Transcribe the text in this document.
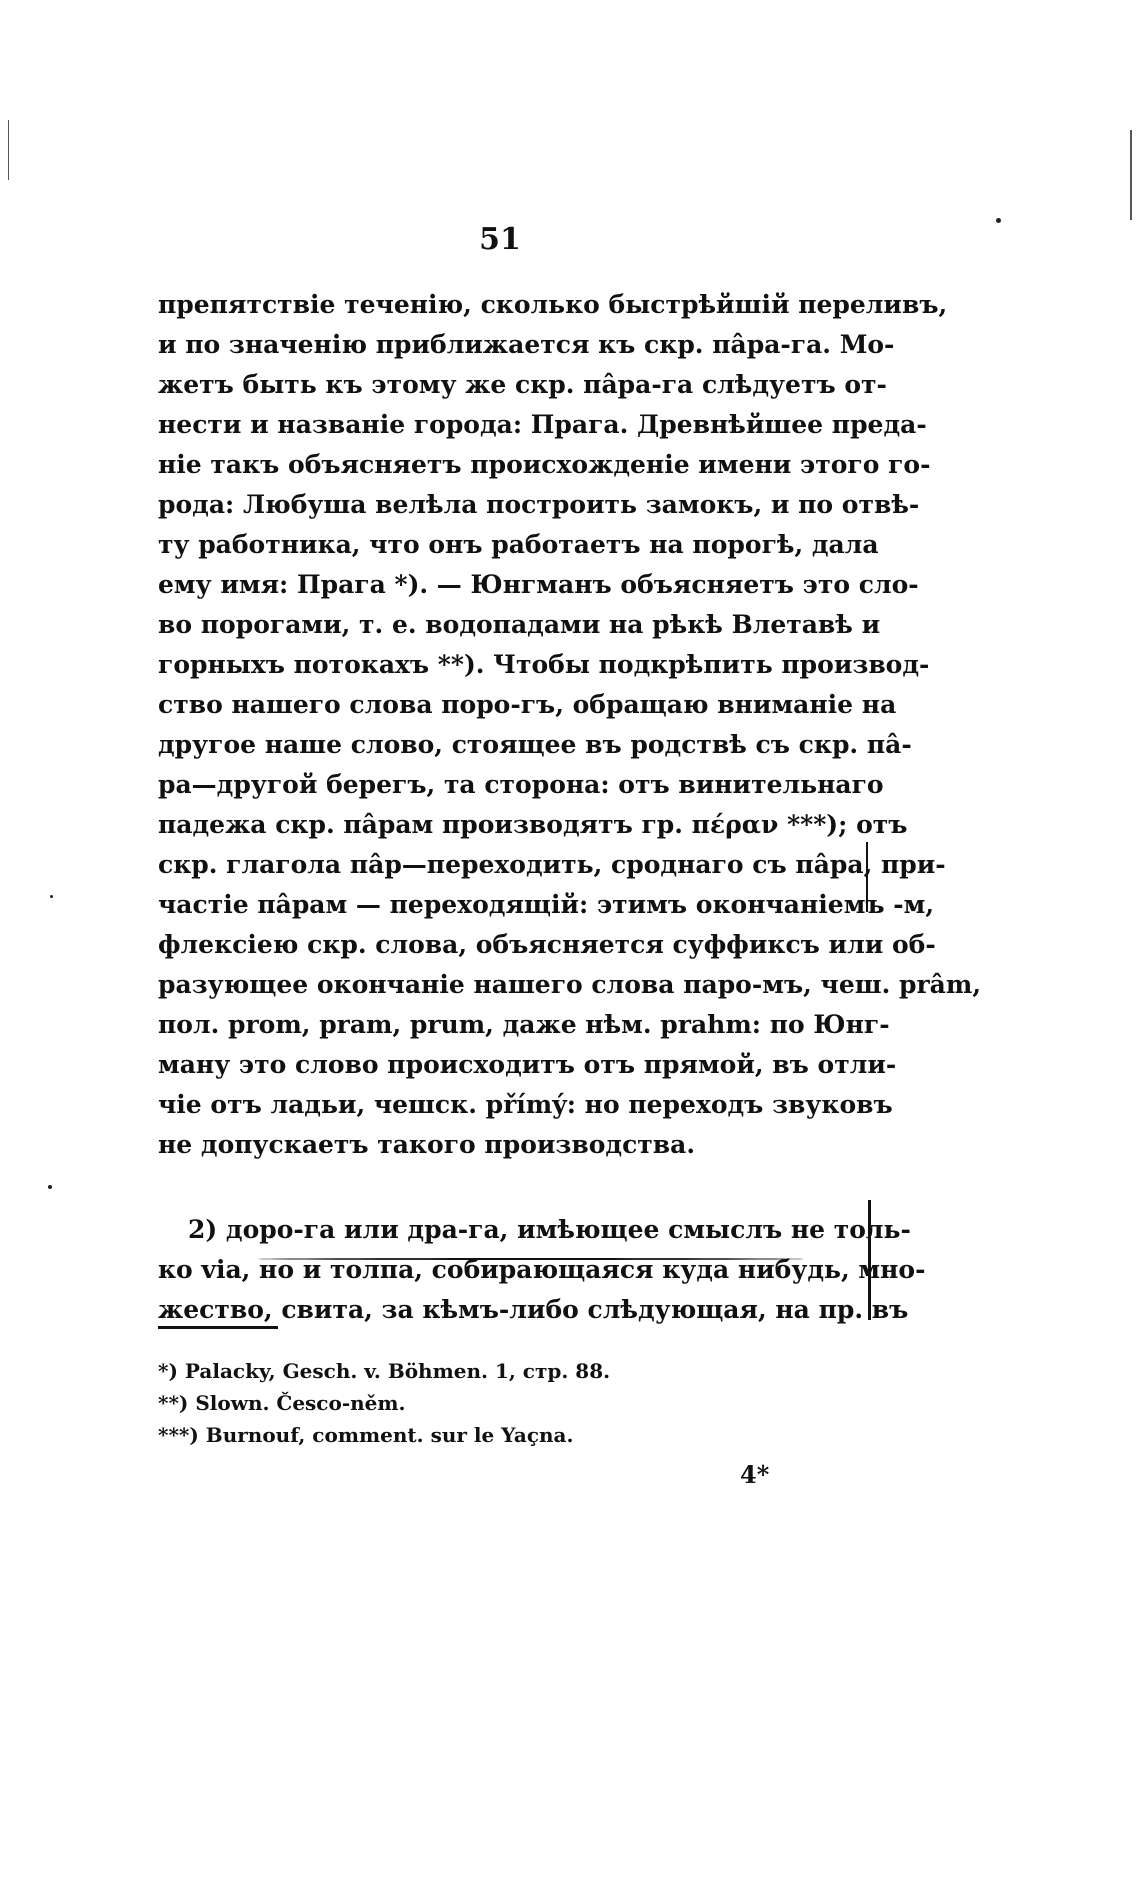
51
препятствіе теченію, сколько быстрѣйшій переливъ,
и по значенію приближается къ скр. пâра-га. Мо-
жетъ быть къ этому же скр. пâра-га слѣдуетъ от-
нести и названіе города: Прага. Древнѣйшее преда-
ніе такъ объясняетъ происхожденіе имени этого го-
рода: Любуша велѣла построить замокъ, и по отвѣ-
ту работника, что онъ работаетъ на порогѣ, дала
ему имя: Прага *). — Юнгманъ объясняетъ это сло-
во порогами, т. е. водопадами на рѣкѣ Влетавѣ и
горныхъ потокахъ **). Чтобы подкрѣпить производ-
ство нашего слова поро-гъ, обращаю вниманіе на
другое наше слово, стоящее въ родствѣ съ скр. пâ-
ра—другой берегъ, та сторона: отъ винительнаго
падежа скр. пâрам производятъ гр. πέραν ***); отъ
скр. глагола пâр—переходить, сроднаго съ пâра, при-
частіе пâрам — переходящій: этимъ окончаніемъ -м,
флексіею скр. слова, объясняется суффиксъ или об-
разующее окончаніе нашего слова паро-мъ, чеш. prâm,
пол. prom, pram, prum, даже нѣм. prahm: по Юнг-
ману это слово происходитъ отъ прямой, въ отли-
чіе отъ ладьи, чешск. přímý: но переходъ звуковъ
не допускаетъ такого производства.
2) доро-га или дра-га, имѣющее смыслъ не толь-
ко via, но и толпа, собирающаяся куда нибудь, мно-
жество, свита, за кѣмъ-либо слѣдующая, на пр. въ
*) Palacky, Gesch. v. Böhmen. 1, стр. 88.
**) Slown. Česco-něm.
***) Burnouf, comment. sur le Yaçna.
4*
